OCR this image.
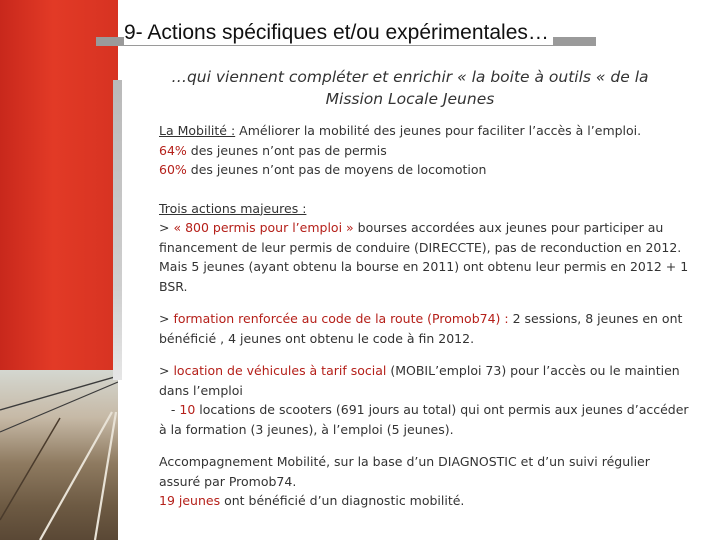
9- Actions spécifiques et/ou expérimentales…
…qui viennent compléter et enrichir « la boite à outils « de la Mission Locale Jeunes

La Mobilité : Améliorer la mobilité des jeunes pour faciliter l’accès à l’emploi.

64% des jeunes n’ont pas de permis

60% des jeunes n’ont pas de moyens de locomotion

Trois actions majeures :

> « 800 permis pour l’emploi » bourses accordées aux jeunes pour participer au financement de leur permis de conduire (DIRECCTE), pas de reconduction en 2012. Mais 5 jeunes (ayant obtenu la bourse en 2011) ont obtenu leur permis en 2012 + 1 BSR.

> formation renforcée au code de la route (Promob74) : 2 sessions, 8 jeunes en ont bénéficié , 4 jeunes ont obtenu le code à fin 2012.

> location de véhicules à tarif social (MOBIL’emploi 73) pour l’accès ou le maintien dans l’emploi

- 10 locations de scooters (691 jours au total) qui ont permis aux jeunes d’accéder à la formation (3 jeunes), à l’emploi (5 jeunes).

Accompagnement Mobilité, sur la base d’un DIAGNOSTIC et d’un suivi régulier assuré par Promob74.

19 jeunes ont bénéficié d’un diagnostic mobilité.
